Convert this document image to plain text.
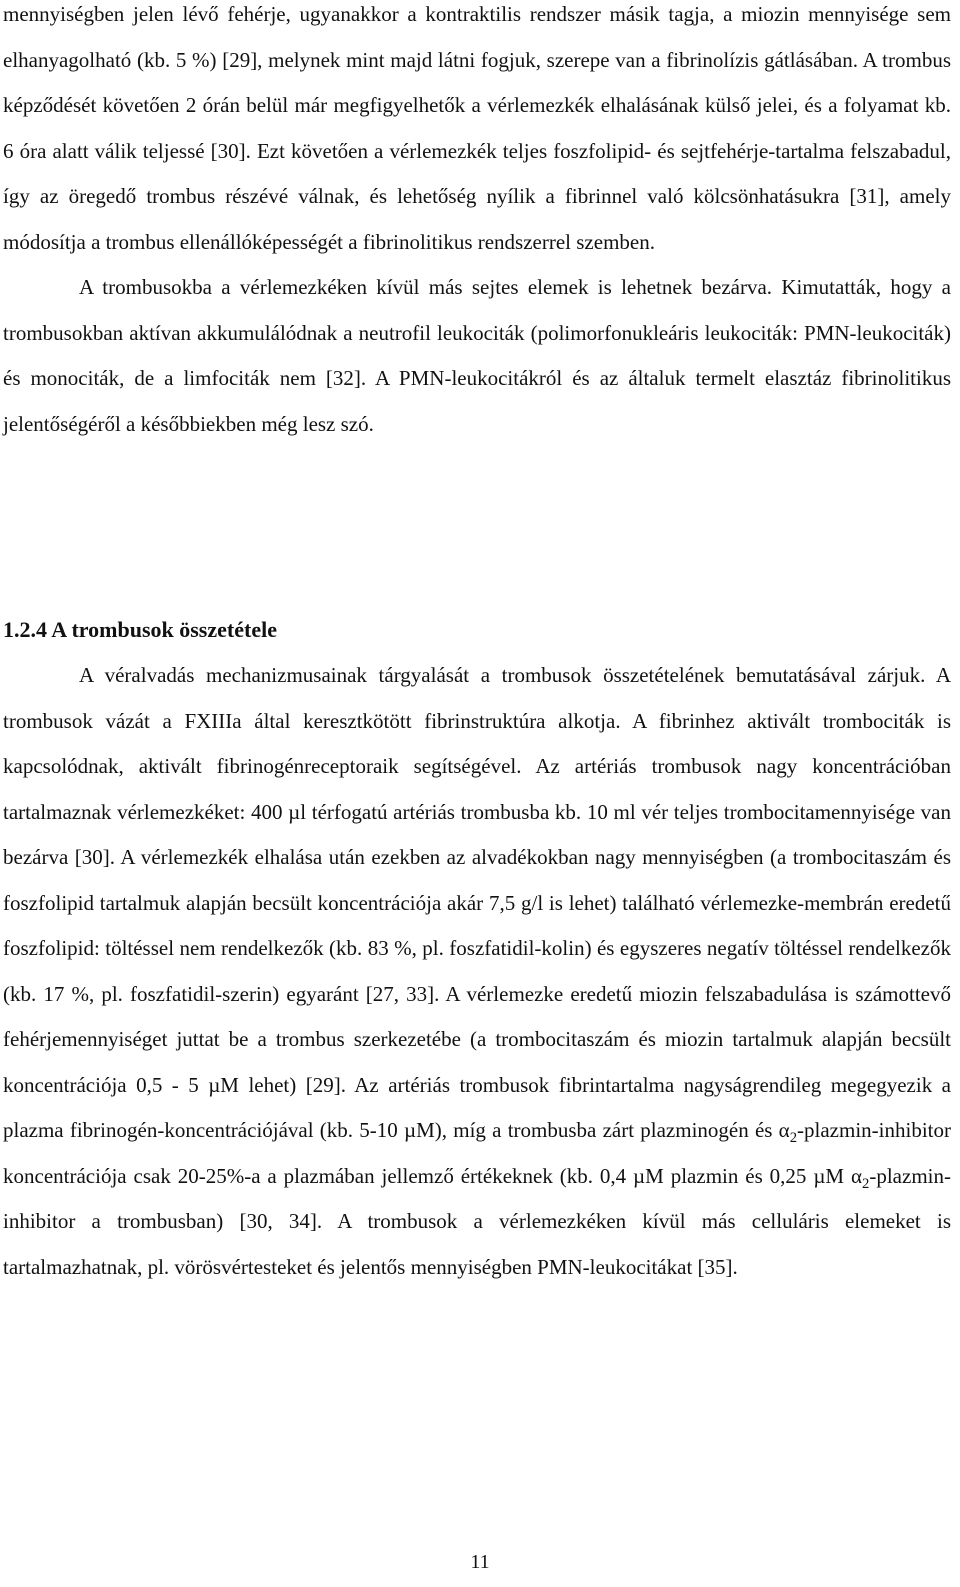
mennyiségben jelen lévő fehérje, ugyanakkor a kontraktilis rendszer másik tagja, a miozin mennyisége sem elhanyagolható (kb. 5 %) [29], melynek mint majd látni fogjuk, szerepe van a fibrinolízis gátlásában. A trombus képződését követően 2 órán belül már megfigyelhetők a vérlemezkék elhalásának külső jelei, és a folyamat kb. 6 óra alatt válik teljessé [30]. Ezt követően a vérlemezkék teljes foszfolipid- és sejtfehérje-tartalma felszabadul, így az öregedő trombus részévé válnak, és lehetőség nyílik a fibrinnel való kölcsönhatásukra [31], amely módosítja a trombus ellenállóképességét a fibrinolitikus rendszerrel szemben.

A trombusokba a vérlemezkéken kívül más sejtes elemek is lehetnek bezárva. Kimutatták, hogy a trombusokban aktívan akkumulálódnak a neutrofil leukociták (polimorfonukleáris leukociták: PMN-leukociták) és monociták, de a limfociták nem [32]. A PMN-leukocitákról és az általuk termelt elasztáz fibrinolitikus jelentőségéről a későbbiekben még lesz szó.

1.2.4 A trombusok összetétele

A véralvadás mechanizmusainak tárgyalását a trombusok összetételének bemutatásával zárjuk. A trombusok vázát a FXIIIa által keresztkötött fibrinstruktúra alkotja. A fibrinhez aktivált trombociták is kapcsolódnak, aktivált fibrinogénreceptoraik segítségével. Az artériás trombusok nagy koncentrációban tartalmaznak vérlemezkéket: 400 µl térfogatú artériás trombusba kb. 10 ml vér teljes trombocitamennyisége van bezárva [30]. A vérlemezkék elhalása után ezekben az alvadékokban nagy mennyiségben (a trombocitaszám és foszfolipid tartalmuk alapján becsült koncentrációja akár 7,5 g/l is lehet) található vérlemezke-membrán eredetű foszfolipid: töltéssel nem rendelkezők (kb. 83 %, pl. foszfatidil-kolin) és egyszeres negatív töltéssel rendelkezők (kb. 17 %, pl. foszfatidil-szerin) egyaránt [27, 33]. A vérlemezke eredetű miozin felszabadulása is számottevő fehérjemennyiséget juttat be a trombus szerkezetébe (a trombocitaszám és miozin tartalmuk alapján becsült koncentrációja 0,5 - 5 µM lehet) [29]. Az artériás trombusok fibrintartalma nagyságrendileg megegyezik a plazma fibrinogén-koncentrációjával (kb. 5-10 µM), míg a trombusba zárt plazminogén és $\alpha_2-plazmin$-inhibitor koncentrációja csak 20-25%-a a plazmában jellemző értékeknek (kb. 0,4 µM plazmin és 0,25 µM $\alpha_2-plazmin$-inhibitor a trombusban) [30, 34]. A trombusok a vérlemezkéken kívül más celluláris elemeket is tartalmazhatnak, pl. vörösvértesteket és jelentős mennyiségben PMN-leukocitákat [35].

11
